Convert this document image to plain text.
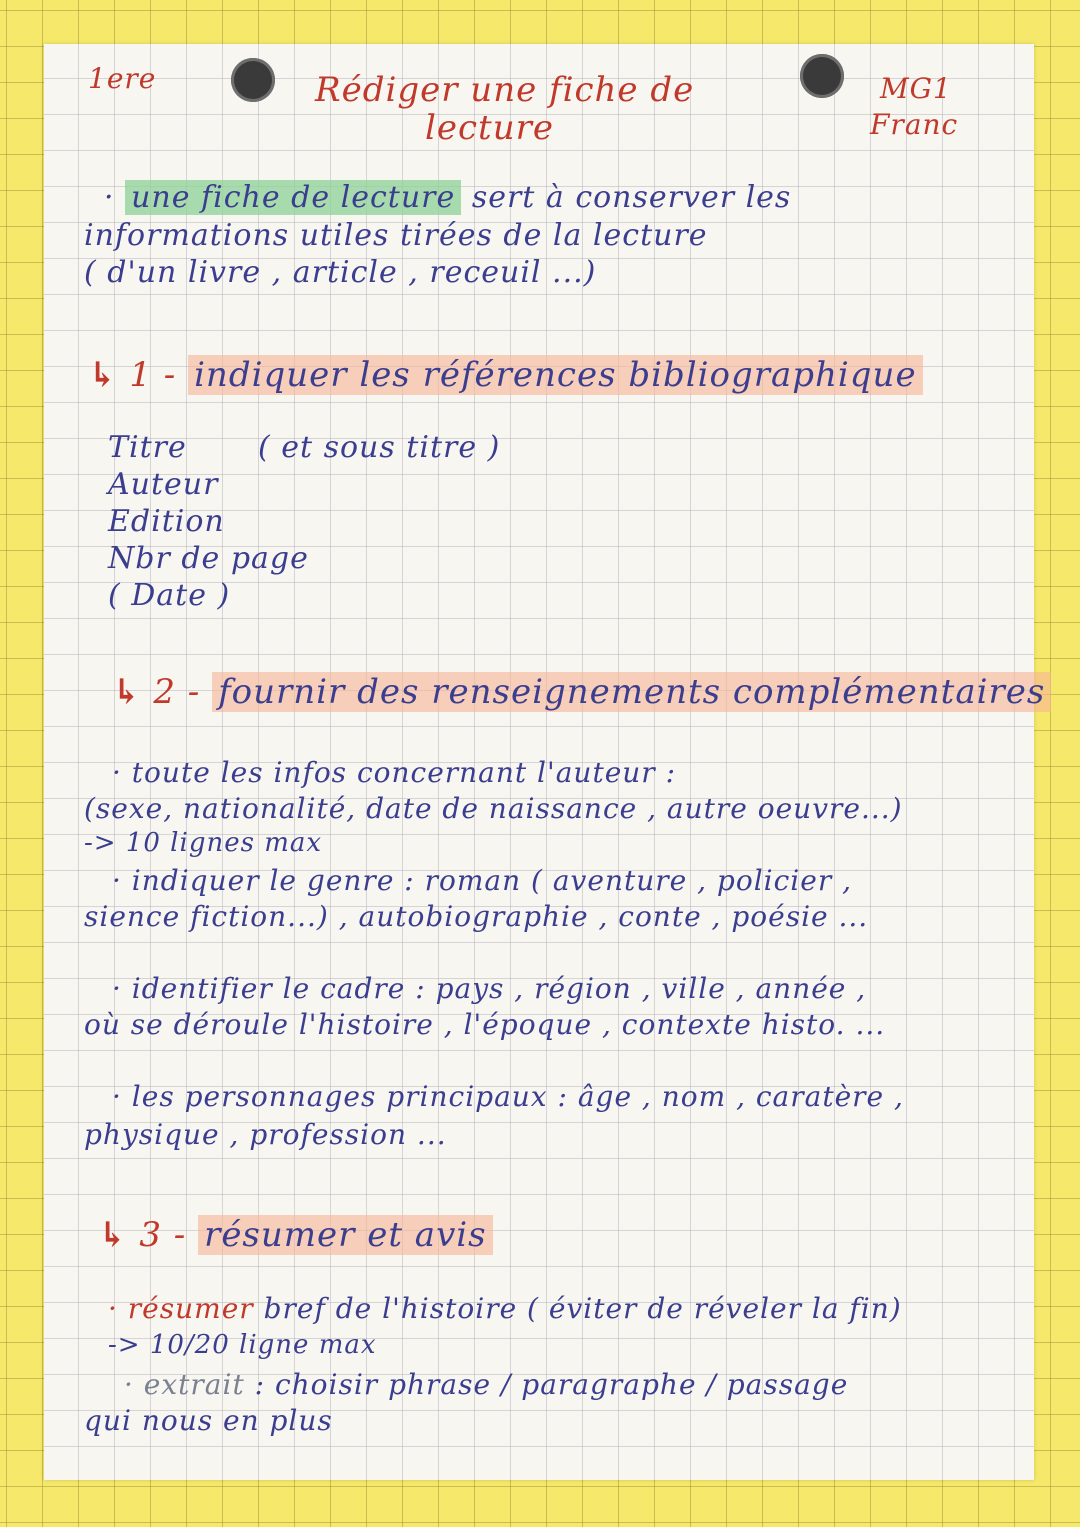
1ere	Rédiger une fiche de
lecture
MG1
Franc
· une fiche de lecture sert à conserver les
informations utiles tirées de la lecture
( d'un livre , article , receuil ...)
↳ 1 - indiquer les références bibliographique
Titre ( et sous titre )
Auteur
Edition
Nbr de page
( Date )
↳ 2 - fournir des renseignements complémentaires
· toute les infos concernant l'auteur :
(sexe, nationalité, date de naissance , autre oeuvre...)
-> 10 lignes max
· indiquer le genre : roman ( aventure , policier ,
sience fiction...) , autobiographie , conte , poésie ...
· identifier le cadre : pays , région , ville , année ,
où se déroule l'histoire , l'époque , contexte histo. ...
· les personnages principaux : âge , nom , caratère ,
physique , profession ...
↳ 3 - résumer et avis
· résumer bref de l'histoire ( éviter de réveler la fin)
-> 10/20 ligne max
· extrait : choisir phrase / paragraphe / passage
qui nous en plus
